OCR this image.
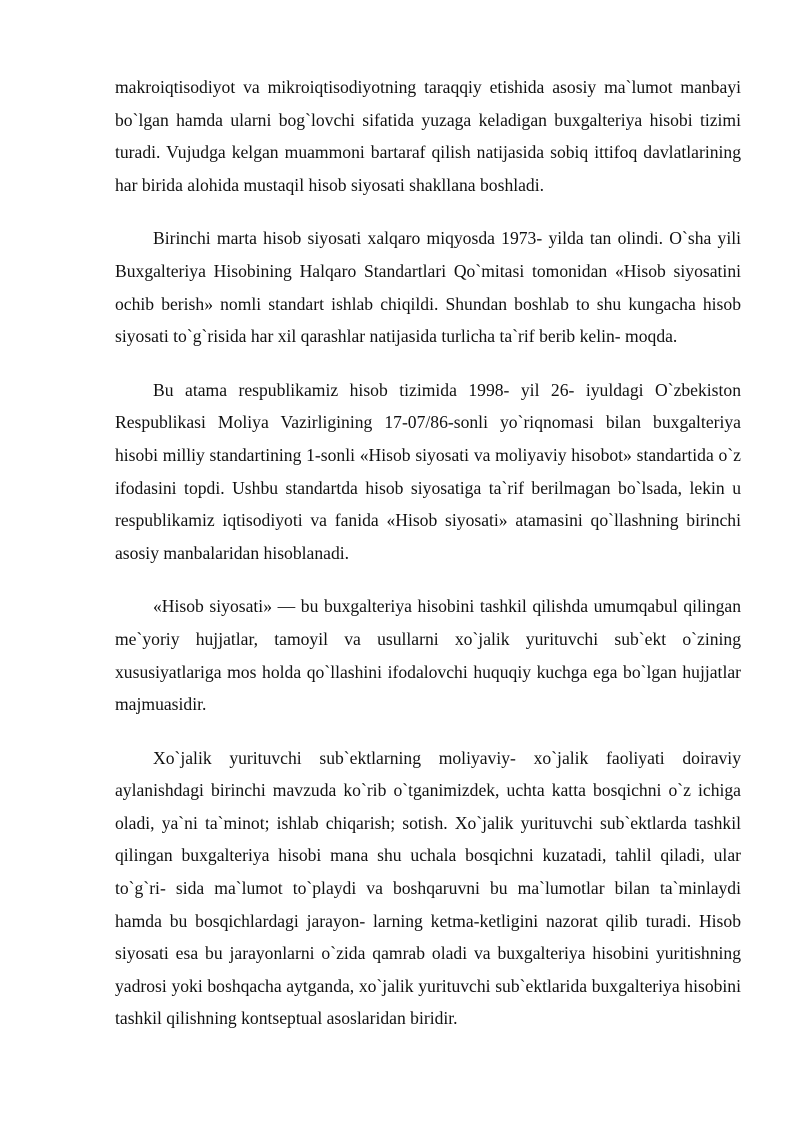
makroiqtisodiyot va mikroiqtisodiyotning taraqqiy etishida asosiy ma`lumot manbayi bo`lgan hamda ularni bog`lovchi sifatida yuzaga keladigan buxgalteriya hisobi tizimi turadi. Vujudga kelgan muammoni bartaraf qilish natijasida sobiq ittifoq davlatlarining har birida alohida mustaqil hisob siyosati shakllana boshladi.

Birinchi marta hisob siyosati xalqaro miqyosda 1973- yilda tan olindi. O`sha yili Buxgalteriya Hisobining Halqaro Standartlari Qo`mitasi tomonidan «Hisob siyosatini ochib berish» nomli standart ishlab chiqildi. Shundan boshlab to shu kungacha hisob siyosati to`g`risida har xil qarashlar natijasida turlicha ta`rif berib kelin- moqda.

Bu atama respublikamiz hisob tizimida 1998- yil 26- iyuldagi O`zbekiston Respublikasi Moliya Vazirligining 17-07/86-sonli yo`riqnomasi bilan buxgalteriya hisobi milliy standartining 1-sonli «Hisob siyosati va moliyaviy hisobot» standartida o`z ifodasini topdi. Ushbu standartda hisob siyosatiga ta`rif berilmagan bo`lsada, lekin u respublikamiz iqtisodiyoti va fanida «Hisob siyosati» atamasini qo`llashning birinchi asosiy manbalaridan hisoblanadi.

«Hisob siyosati» — bu buxgalteriya hisobini tashkil qilishda umumqabul qilingan me`yoriy hujjatlar, tamoyil va usullarni xo`jalik yurituvchi sub`ekt o`zining xususiyatlariga mos holda qo`llashini ifodalovchi huquqiy kuchga ega bo`lgan hujjatlar majmuasidir.

Xo`jalik yurituvchi sub`ektlarning moliyaviy- xo`jalik faoliyati doiraviy aylanishdagi birinchi mavzuda ko`rib o`tganimizdek, uchta katta bosqichni o`z ichiga oladi, ya`ni ta`minot; ishlab chiqarish; sotish. Xo`jalik yurituvchi sub`ektlarda tashkil qilingan buxgalteriya hisobi mana shu uchala bosqichni kuzatadi, tahlil qiladi, ular to`g`ri- sida ma`lumot to`playdi va boshqaruvni bu ma`lumotlar bilan ta`minlaydi hamda bu bosqichlardagi jarayon- larning ketma-ketligini nazorat qilib turadi. Hisob siyosati esa bu jarayonlarni o`zida qamrab oladi va buxgalteriya hisobini yuritishning yadrosi yoki boshqacha aytganda, xo`jalik yurituvchi sub`ektlarida buxgalteriya hisobini tashkil qilishning kontseptual asoslaridan biridir.
